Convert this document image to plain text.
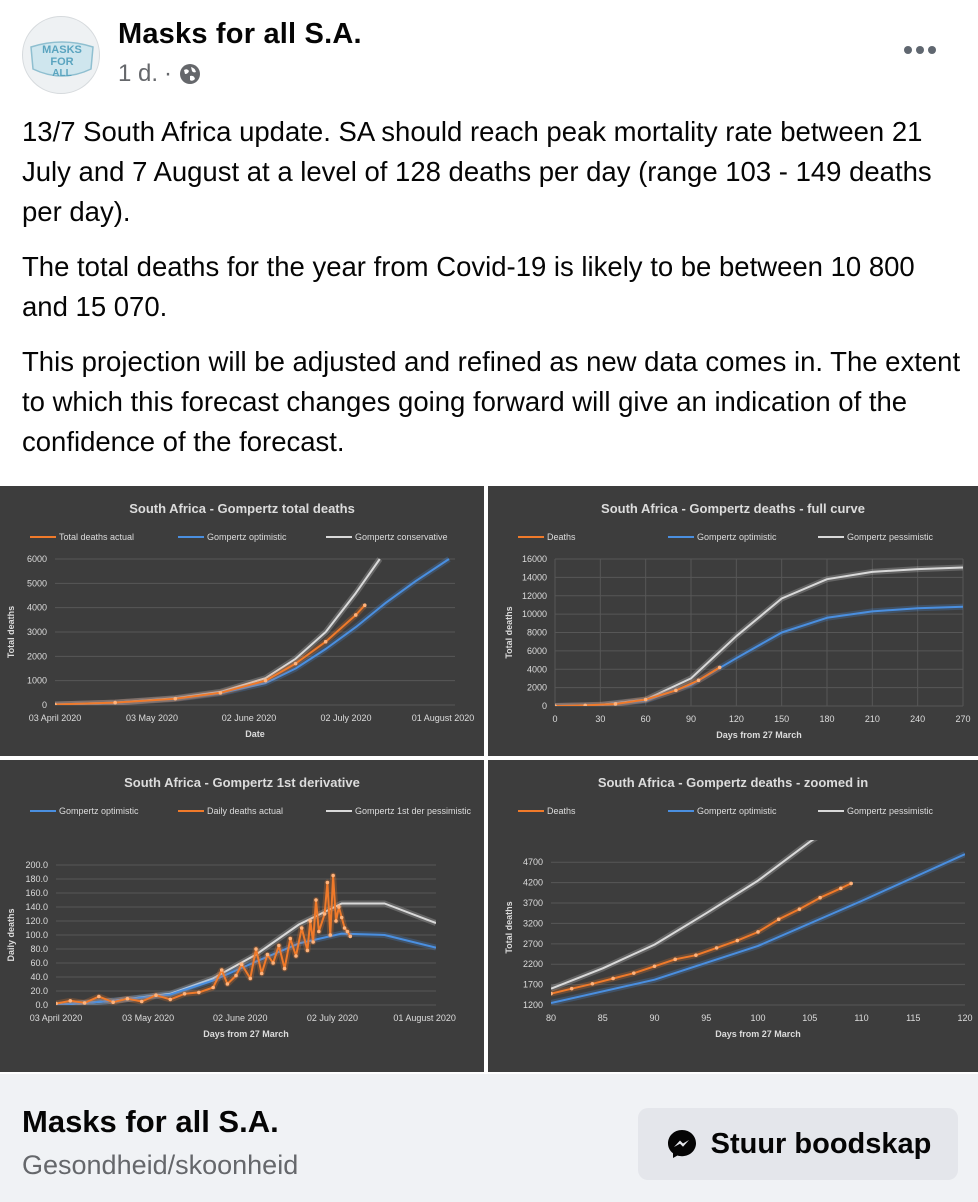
MASKS
FOR
ALL
Masks for all S.A.
1 d. ·

13/7 South Africa update. SA should reach peak mortality rate between 21 July and 7 August at a level of 128 deaths per day (range 103 - 149 deaths per day).

The total deaths for the year from Covid-19 is likely to be between 10 800 and 15 070.

This projection will be adjusted and refined as new data comes in. The extent to which this forecast changes going forward will give an indication of the confidence of the forecast.

South Africa - Gompertz total deaths
Total deaths actual	Gompertz optimistic	Gompertz conservative
0
1000
2000
3000
4000
5000
6000
03 April 2020	03 May 2020	02 June 2020	02 July 2020	01 August 2020
Date
Total deaths
South Africa - Gompertz deaths - full curve
Deaths	Gompertz optimistic	Gompertz pessimistic
0
2000
4000
6000
8000
10000
12000
14000
16000
0	30	60	90	120	150	180	210	240	270
Days from 27 March
Total deaths
South Africa - Gompertz 1st derivative
Gompertz optimistic	Daily deaths actual	Gompertz 1st der pessimistic
0.0
20.0
40.0
60.0
80.0
100.0
120.0
140.0
160.0
180.0
200.0
03 April 2020	03 May 2020	02 June 2020	02 July 2020	01 August 2020
Days from 27 March
Daily deaths
South Africa - Gompertz deaths - zoomed in
Deaths	Gompertz optimistic	Gompertz pessimistic
1200
1700
2200
2700
3200
3700
4200
4700
80	85	90	95	100	105	110	115	120
Days from 27 March
Total deaths
Masks for all S.A.
Gesondheid/skoonheid
Stuur boodskap
